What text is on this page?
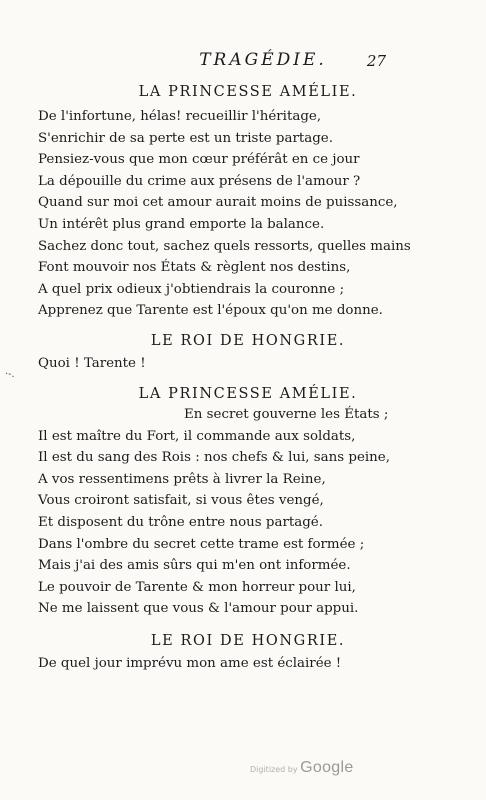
TRAGÉDIE.	27
LA PRINCESSE AMÉLIE.
De l'infortune, hélas! recueillir l'héritage,
S'enrichir de sa perte est un triste partage.
Pensiez-vous que mon cœur préférât en ce jour
La dépouille du crime aux présens de l'amour ?
Quand sur moi cet amour aurait moins de puissance,
Un intérêt plus grand emporte la balance.
Sachez donc tout, sachez quels ressorts, quelles mains
Font mouvoir nos États & règlent nos destins,
A quel prix odieux j'obtiendrais la couronne ;
Apprenez que Tarente est l'époux qu'on me donne.
LE ROI DE HONGRIE.
Quoi ! Tarente !
·-.
LA PRINCESSE AMÉLIE.
En secret gouverne les États ;
Il est maître du Fort, il commande aux soldats,
Il est du sang des Rois : nos chefs & lui, sans peine,
A vos ressentimens prêts à livrer la Reine,
Vous croiront satisfait, si vous êtes vengé,
Et disposent du trône entre nous partagé.
Dans l'ombre du secret cette trame est formée ;
Mais j'ai des amis sûrs qui m'en ont informée.
Le pouvoir de Tarente & mon horreur pour lui,
Ne me laissent que vous & l'amour pour appui.
LE ROI DE HONGRIE.
De quel jour imprévu mon ame est éclairée !
Digitized by Google
